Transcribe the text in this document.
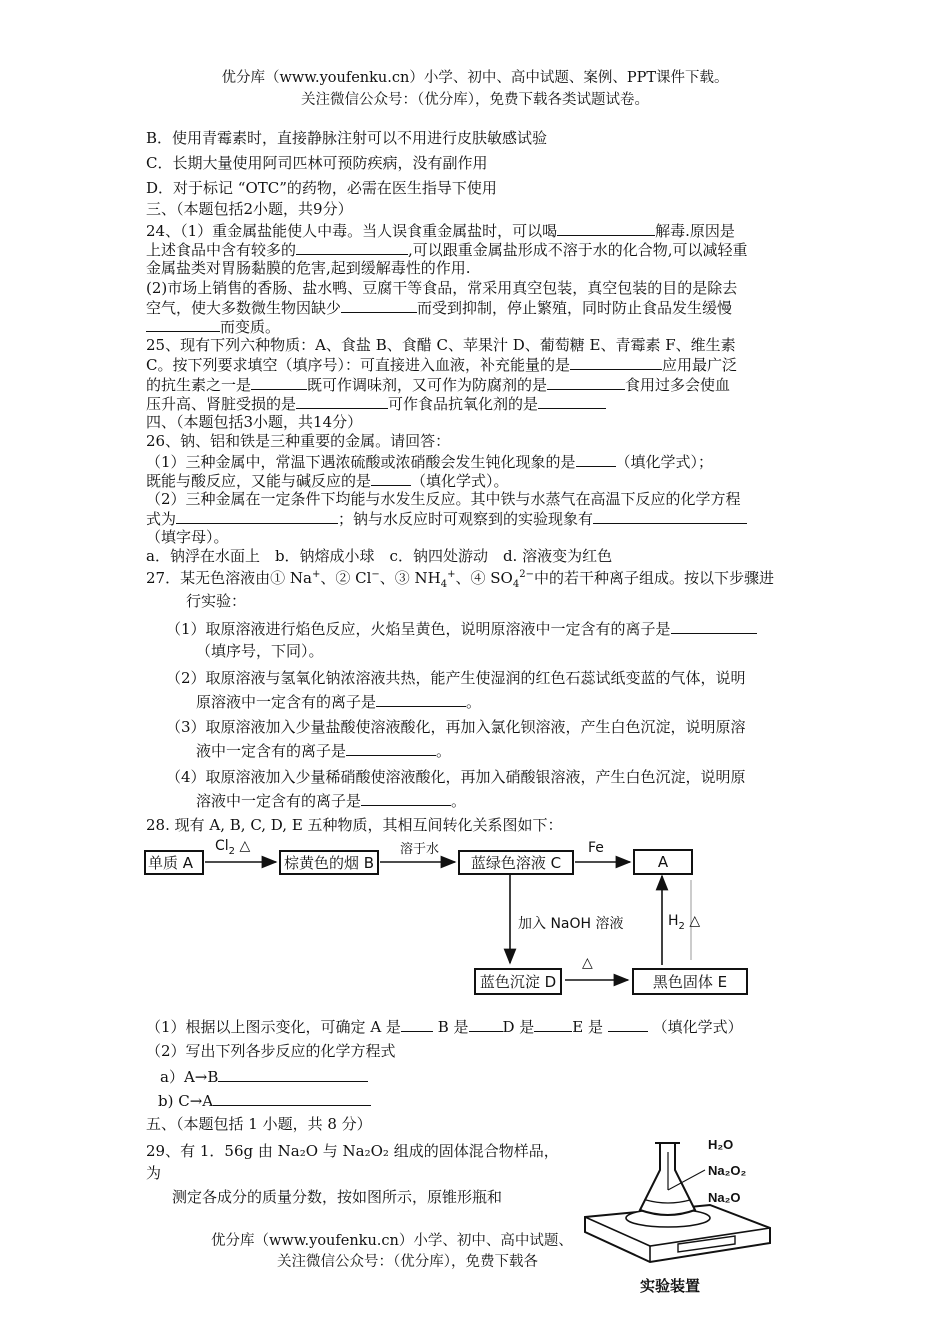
优分库（www.youfenku.cn）小学、初中、高中试题、案例、PPT课件下载。
关注微信公众号：（优分库），免费下载各类试题试卷。
B．使用青霉素时，直接静脉注射可以不用进行皮肤敏感试验
C．长期大量使用阿司匹林可预防疾病，没有副作用
D．对于标记 “OTC”的药物，必需在医生指导下使用
三、（本题包括2小题，共9分）
24、（1）重金属盐能使人中毒。当人误食重金属盐时，可以喝	解毒.原因是
上述食品中含有较多的	,可以跟重金属盐形成不溶于水的化合物,可以减轻重
金属盐类对胃肠黏膜的危害,起到缓解毒性的作用.
(2)市场上销售的香肠、盐水鸭、豆腐干等食品，常采用真空包装，真空包装的目的是除去
空气，使大多数微生物因缺少	而受到抑制，停止繁殖，同时防止食品发生缓慢
而变质。
25、现有下列六种物质：A、食盐 B、食醋 C、苹果汁 D、葡萄糖 E、青霉素 F、维生素
C。按下列要求填空（填序号）：可直接进入血液，补充能量的是	应用最广泛
的抗生素之一是	既可作调味剂，又可作为防腐剂的是	食用过多会使血
压升高、肾脏受损的是	可作食品抗氧化剂的是
四、（本题包括3小题，共14分）
26、钠、铝和铁是三种重要的金属。请回答：
（1）三种金属中，常温下遇浓硫酸或浓硝酸会发生钝化现象的是	（填化学式）；
既能与酸反应，又能与碱反应的是	（填化学式）。
（2）三种金属在一定条件下均能与水发生反应。其中铁与水蒸气在高温下反应的化学方程
式为	；钠与水反应时可观察到的实验现象有
（填字母）。
a．钠浮在水面上　b．钠熔成小球　c．钠四处游动　d. 溶液变为红色
27．某无色溶液由① Na+、② Cl−、③ $NH_4^+$、④ $SO_4^{2-}$中的若干种离子组成。按以下步骤进
行实验：
（1）取原溶液进行焰色反应，火焰呈黄色，说明原溶液中一定含有的离子是
（填序号，下同）。
（2）取原溶液与氢氧化钠浓溶液共热，能产生使湿润的红色石蕊试纸变蓝的气体，说明
原溶液中一定含有的离子是	。
（3）取原溶液加入少量盐酸使溶液酸化，再加入氯化钡溶液，产生白色沉淀，说明原溶
液中一定含有的离子是	。
（4）取原溶液加入少量稀硝酸使溶液酸化，再加入硝酸银溶液，产生白色沉淀，说明原
溶液中一定含有的离子是	。
28. 现有 A, B, C, D, E 五种物质，其相互间转化关系图如下：
单质 A	棕黄色的烟 B	蓝绿色溶液 C	A
蓝色沉淀 D	黑色固体 E
$Cl_2$ △	溶于水	Fe
加入 NaOH 溶液
△
$H_2$ △
（1）根据以上图示变化，可确定 A 是 B 是 D 是	E 是	（填化学式）
（2）写出下列各步反应的化学方程式
a）A→B
b) C→A
五、（本题包括 1 小题，共 8 分）
29、有 1．56g 由 Na₂O 与 Na₂O₂ 组成的固体混合物样品，
为
测定各成分的质量分数，按如图所示，原锥形瓶和
H₂O
Na₂O₂
Na₂O
实验装置
优分库（www.youfenku.cn）小学、初中、高中试题、
关注微信公众号：（优分库），免费下载各
